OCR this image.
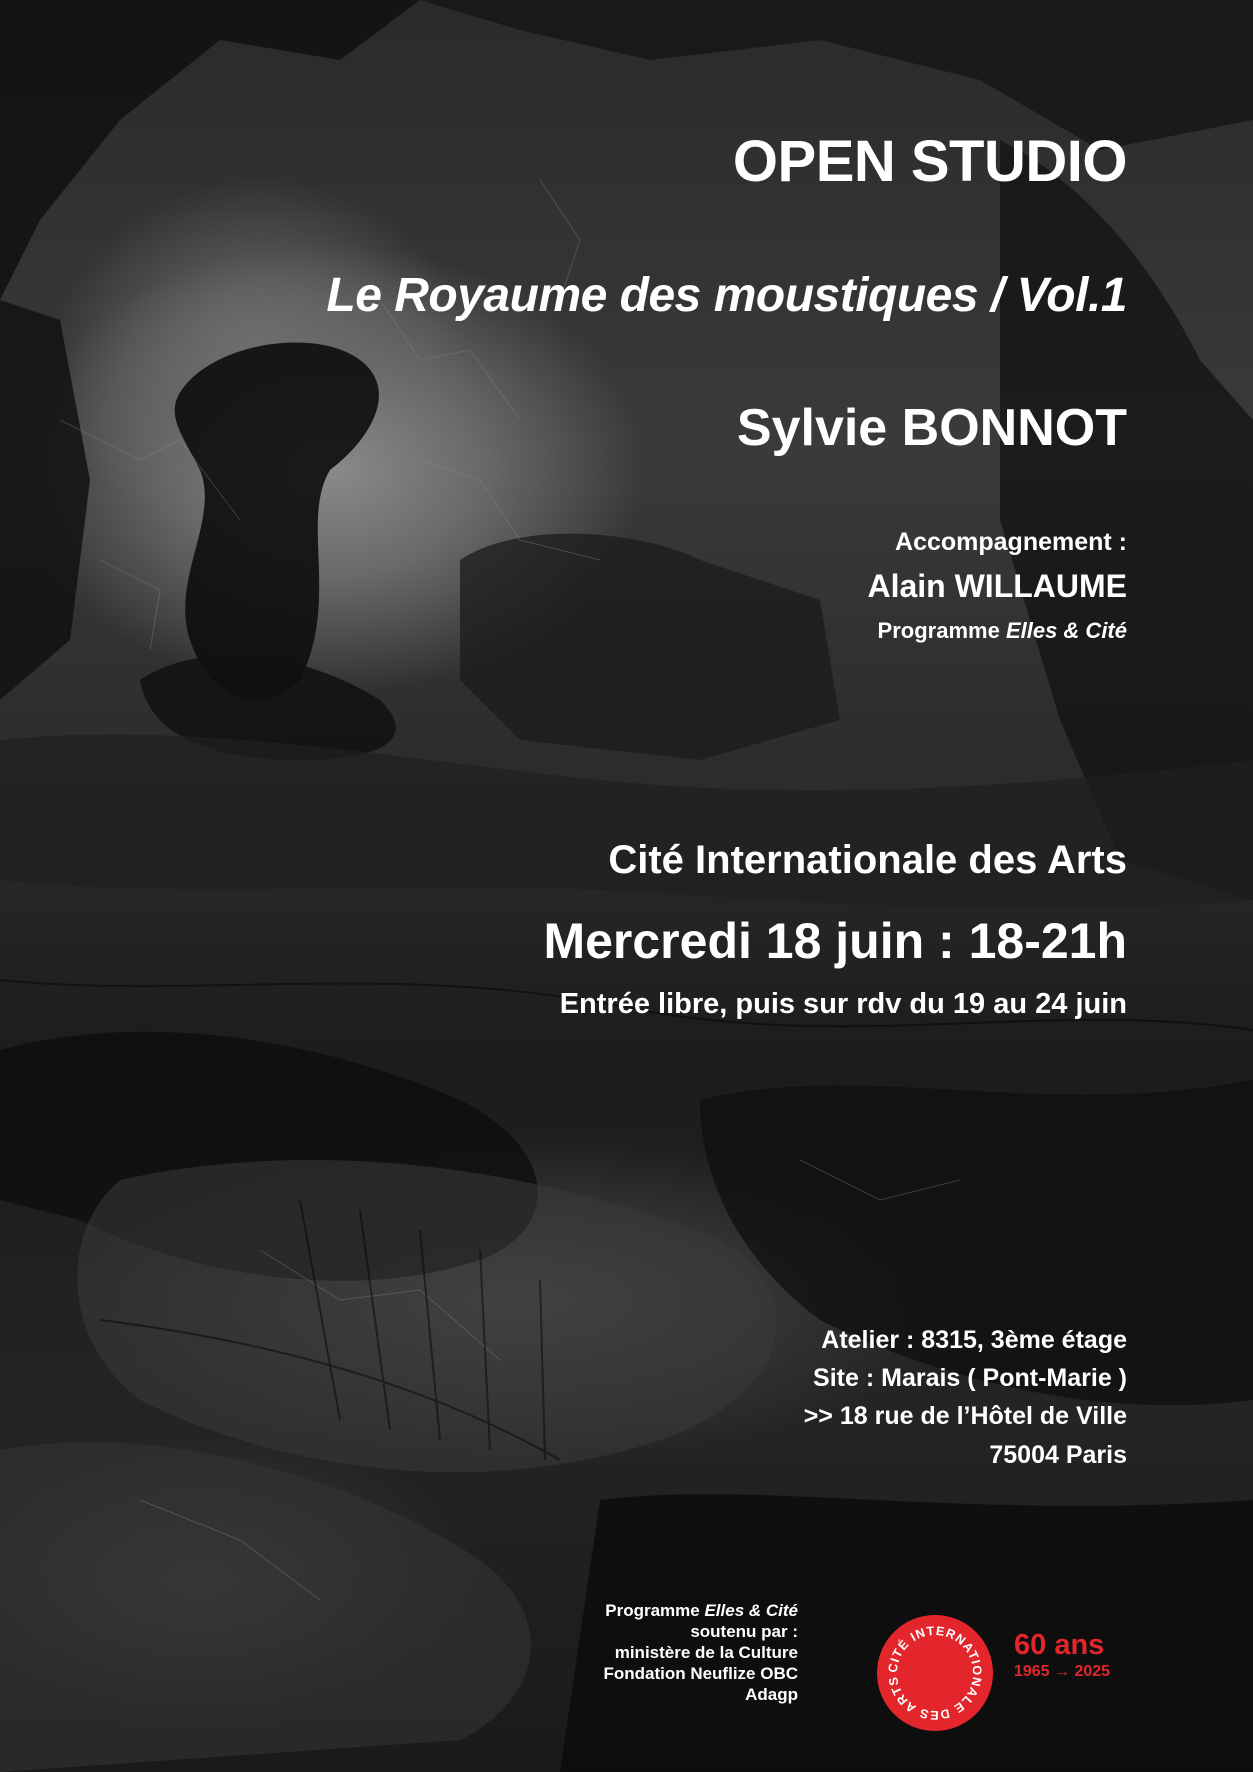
OPEN STUDIO
Le Royaume des moustiques / Vol.1
Sylvie BONNOT
Accompagnement :
Alain WILLAUME
Programme Elles & Cité
Cité Internationale des Arts
Mercredi 18 juin : 18-21h
Entrée libre, puis sur rdv du 19 au 24 juin
Atelier : 8315, 3ème étage
Site : Marais ( Pont-Marie )
>> 18 rue de l’Hôtel de Ville
75004 Paris
Programme Elles & Cité
soutenu par :
ministère de la Culture
Fondation Neuflize OBC
Adagp
CITÉ INTERNATIONALE DES ARTS
60 ans
1965 → 2025
